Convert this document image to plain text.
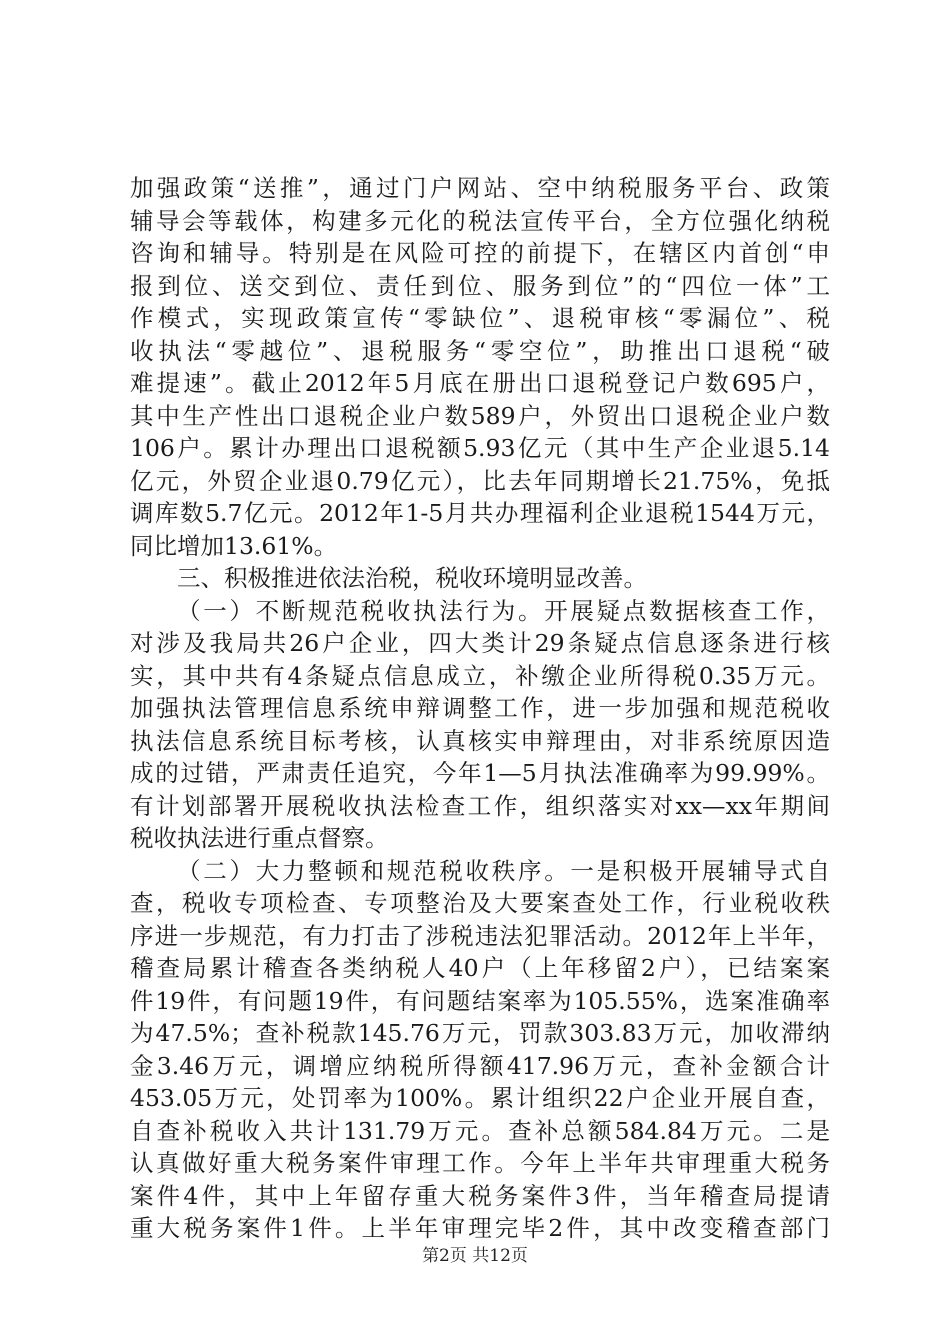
加强政策“送推”，通过门户网站、空中纳税服务平台、政策
辅导会等载体，构建多元化的税法宣传平台，全方位强化纳税
咨询和辅导。特别是在风险可控的前提下，在辖区内首创“申
报到位、送交到位、责任到位、服务到位”的“四位一体”工
作模式，实现政策宣传“零缺位”、退税审核“零漏位”、税
收执法“零越位”、退税服务“零空位”，助推出口退税“破
难提速”。截止2012年5月底在册出口退税登记户数695户，
其中生产性出口退税企业户数589户，外贸出口退税企业户数
106户。累计办理出口退税额5.93亿元（其中生产企业退5.14
亿元，外贸企业退0.79亿元），比去年同期增长21.75%，免抵
调库数5.7亿元。2012年1-5月共办理福利企业退税1544万元，
同比增加13.61%。
三、积极推进依法治税，税收环境明显改善。
（一）不断规范税收执法行为。开展疑点数据核查工作，
对涉及我局共26户企业，四大类计29条疑点信息逐条进行核
实，其中共有4条疑点信息成立，补缴企业所得税0.35万元。
加强执法管理信息系统申辩调整工作，进一步加强和规范税收
执法信息系统目标考核，认真核实申辩理由，对非系统原因造
成的过错，严肃责任追究，今年1—5月执法准确率为99.99%。
有计划部署开展税收执法检查工作，组织落实对xx—xx年期间
税收执法进行重点督察。
（二）大力整顿和规范税收秩序。一是积极开展辅导式自
查，税收专项检查、专项整治及大要案查处工作，行业税收秩
序进一步规范，有力打击了涉税违法犯罪活动。2012年上半年，
稽查局累计稽查各类纳税人40户（上年移留2户），已结案案
件19件，有问题19件，有问题结案率为105.55%，选案准确率
为47.5%；查补税款145.76万元，罚款303.83万元，加收滞纳
金3.46万元，调增应纳税所得额417.96万元，查补金额合计
453.05万元，处罚率为100%。累计组织22户企业开展自查，
自查补税收入共计131.79万元。查补总额584.84万元。二是
认真做好重大税务案件审理工作。今年上半年共审理重大税务
案件4件，其中上年留存重大税务案件3件，当年稽查局提请
重大税务案件1件。上半年审理完毕2件，其中改变稽查部门
第2页 共12页
